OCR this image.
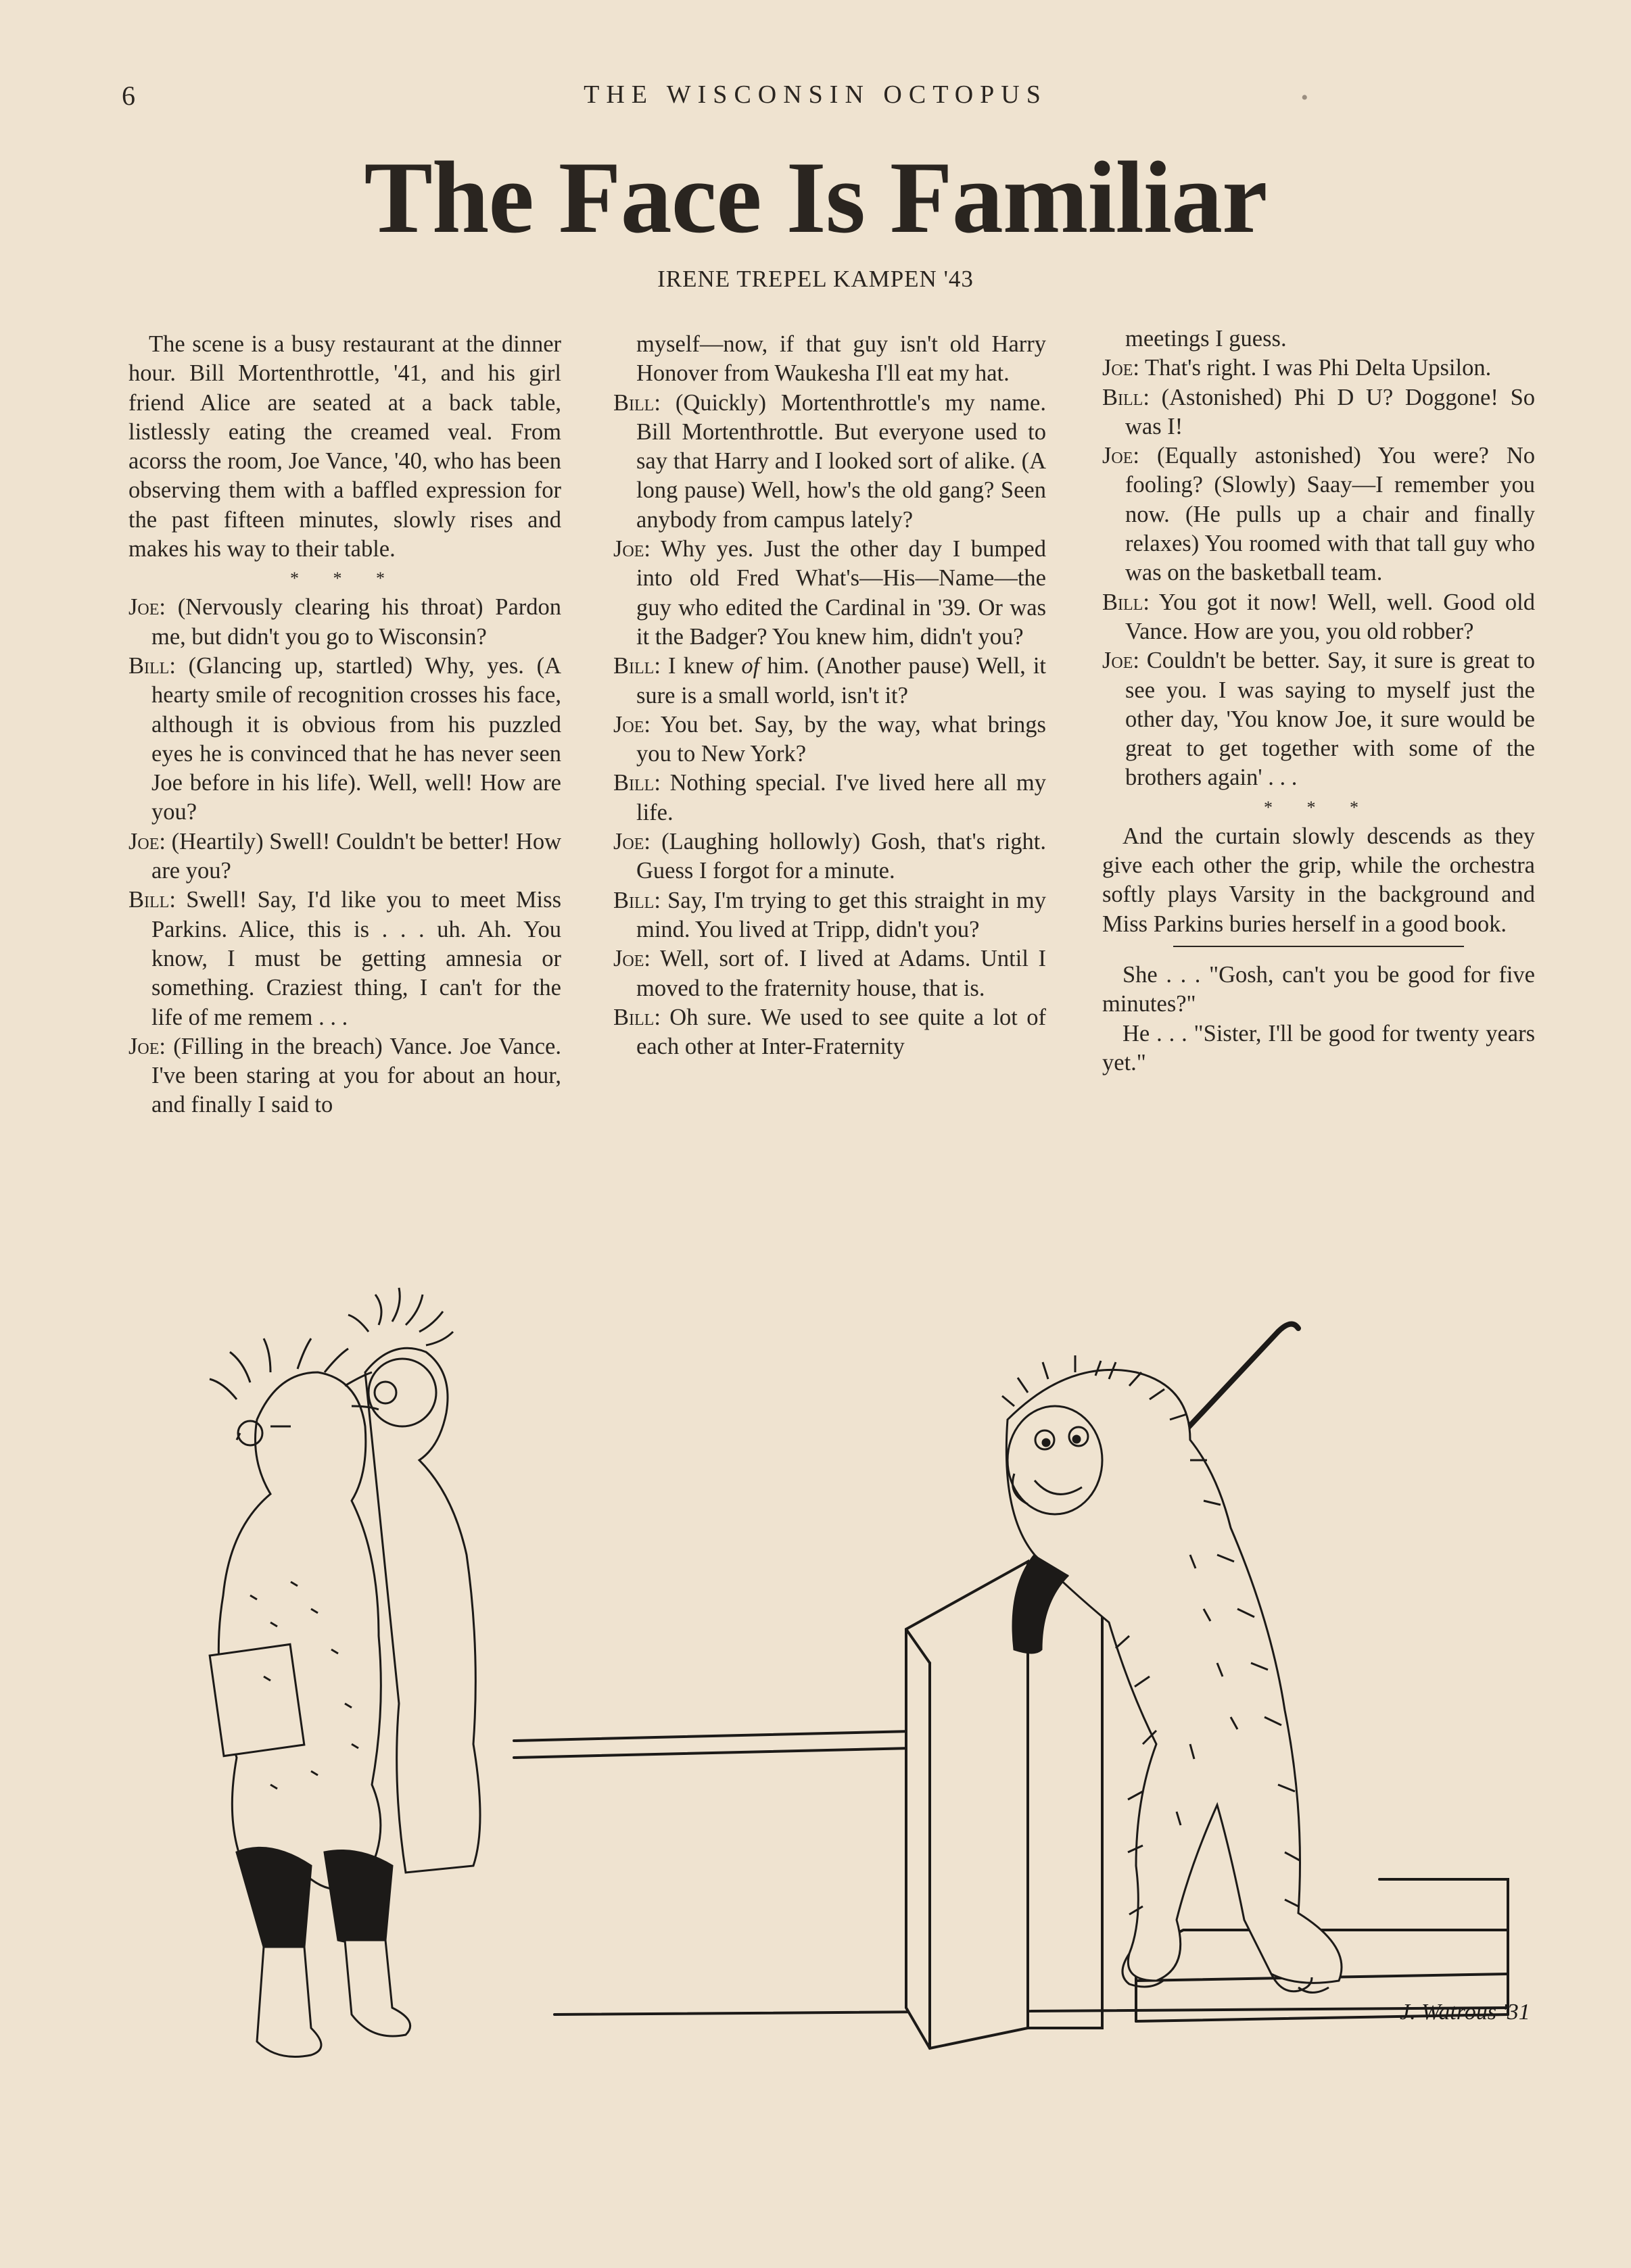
6	THE WISCONSIN OCTOPUS	•
The Face Is Familiar
IRENE TREPEL KAMPEN '43

The scene is a busy restaurant at the dinner hour. Bill Mortenthrottle, '41, and his girl friend Alice are seated at a back table, listlessly eating the creamed veal. From acorss the room, Joe Vance, '40, who has been observing them with a baffled expression for the past fifteen minutes, slowly rises and makes his way to their table.

* * *

Joe: (Nervously clearing his throat) Pardon me, but didn't you go to Wisconsin?

Bill: (Glancing up, startled) Why, yes. (A hearty smile of recognition crosses his face, although it is obvious from his puzzled eyes he is convinced that he has never seen Joe before in his life). Well, well! How are you?

Joe: (Heartily) Swell! Couldn't be better! How are you?

Bill: Swell! Say, I'd like you to meet Miss Parkins. Alice, this is . . . uh. Ah. You know, I must be getting amnesia or something. Craziest thing, I can't for the life of me remem . . .

Joe: (Filling in the breach) Vance. Joe Vance. I've been staring at you for about an hour, and finally I said to

myself—now, if that guy isn't old Harry Honover from Waukesha I'll eat my hat.

Bill: (Quickly) Mortenthrottle's my name. Bill Mortenthrottle. But everyone used to say that Harry and I looked sort of alike. (A long pause) Well, how's the old gang? Seen anybody from campus lately?

Joe: Why yes. Just the other day I bumped into old Fred What's—His—Name—the guy who edited the Cardinal in '39. Or was it the Badger? You knew him, didn't you?

Bill: I knew of him. (Another pause) Well, it sure is a small world, isn't it?

Joe: You bet. Say, by the way, what brings you to New York?

Bill: Nothing special. I've lived here all my life.

Joe: (Laughing hollowly) Gosh, that's right. Guess I forgot for a minute.

Bill: Say, I'm trying to get this straight in my mind. You lived at Tripp, didn't you?

Joe: Well, sort of. I lived at Adams. Until I moved to the fraternity house, that is.

Bill: Oh sure. We used to see quite a lot of each other at Inter-Fraternity

meetings I guess.

Joe: That's right. I was Phi Delta Upsilon.

Bill: (Astonished) Phi D U? Doggone! So was I!

Joe: (Equally astonished) You were? No fooling? (Slowly) Saay—I remember you now. (He pulls up a chair and finally relaxes) You roomed with that tall guy who was on the basketball team.

Bill: You got it now! Well, well. Good old Vance. How are you, you old robber?

Joe: Couldn't be better. Say, it sure is great to see you. I was saying to myself just the other day, 'You know Joe, it sure would be great to get together with some of the brothers again' . . .

* * *

And the curtain slowly descends as they give each other the grip, while the orchestra softly plays Varsity in the background and Miss Parkins buries herself in a good book.

She . . . "Gosh, can't you be good for five minutes?"

He . . . "Sister, I'll be good for twenty years yet."

J. Watrous '31
